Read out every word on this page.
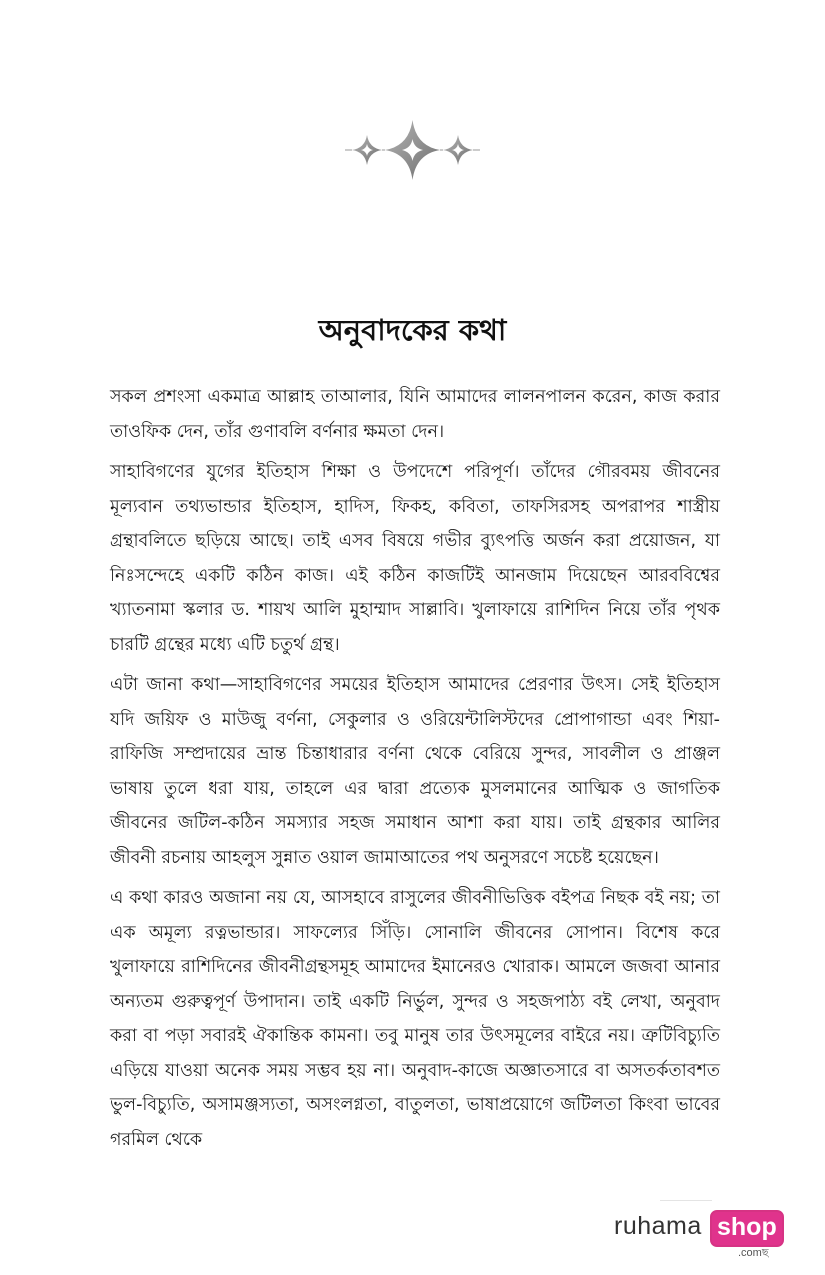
অনুবাদকের কথা

সকল প্রশংসা একমাত্র আল্লাহ তাআলার, যিনি আমাদের লালনপালন করেন, কাজ করার তাওফিক দেন, তাঁর গুণাবলি বর্ণনার ক্ষমতা দেন।

সাহাবিগণের যুগের ইতিহাস শিক্ষা ও উপদেশে পরিপূর্ণ। তাঁদের গৌরবময় জীবনের মূল্যবান তথ্যভান্ডার ইতিহাস, হাদিস, ফিকহ, কবিতা, তাফসিরসহ অপরাপর শাস্ত্রীয় গ্রন্থাবলিতে ছড়িয়ে আছে। তাই এসব বিষয়ে গভীর ব্যুৎপত্তি অর্জন করা প্রয়োজন, যা নিঃসন্দেহে একটি কঠিন কাজ। এই কঠিন কাজটিই আনজাম দিয়েছেন আরববিশ্বের খ্যাতনামা স্কলার ড. শায়খ আলি মুহাম্মাদ সাল্লাবি। খুলাফায়ে রাশিদিন নিয়ে তাঁর পৃথক চারটি গ্রন্থের মধ্যে এটি চতুর্থ গ্রন্থ।

এটা জানা কথা—সাহাবিগণের সময়ের ইতিহাস আমাদের প্রেরণার উৎস। সেই ইতিহাস যদি জয়িফ ও মাউজু বর্ণনা, সেকুলার ও ওরিয়েন্টালিস্টদের প্রোপাগান্ডা এবং শিয়া-রাফিজি সম্প্রদায়ের ভ্রান্ত চিন্তাধারার বর্ণনা থেকে বেরিয়ে সুন্দর, সাবলীল ও প্রাঞ্জল ভাষায় তুলে ধরা যায়, তাহলে এর দ্বারা প্রত্যেক মুসলমানের আত্মিক ও জাগতিক জীবনের জটিল-কঠিন সমস্যার সহজ সমাধান আশা করা যায়। তাই গ্রন্থকার আলির জীবনী রচনায় আহলুস সুন্নাত ওয়াল জামাআতের পথ অনুসরণে সচেষ্ট হয়েছেন।

এ কথা কারও অজানা নয় যে, আসহাবে রাসুলের জীবনীভিত্তিক বইপত্র নিছক বই নয়; তা এক অমূল্য রত্নভান্ডার। সাফল্যের সিঁড়ি। সোনালি জীবনের সোপান। বিশেষ করে খুলাফায়ে রাশিদিনের জীবনীগ্রন্থসমূহ আমাদের ইমানেরও খোরাক। আমলে জজবা আনার অন্যতম গুরুত্বপূর্ণ উপাদান। তাই একটি নির্ভুল, সুন্দর ও সহজপাঠ্য বই লেখা, অনুবাদ করা বা পড়া সবারই ঐকান্তিক কামনা। তবু মানুষ তার উৎসমূলের বাইরে নয়। ত্রুটিবিচ্যুতি এড়িয়ে যাওয়া অনেক সময় সম্ভব হয় না। অনুবাদ-কাজে অজ্ঞাতসারে বা অসতর্কতাবশত ভুল-বিচ্যুতি, অসামঞ্জস্যতা, অসংলগ্নতা, বাতুলতা, ভাষাপ্রয়োগে জটিলতা কিংবা ভাবের গরমিল থেকে

ruhama shop
.comছ
